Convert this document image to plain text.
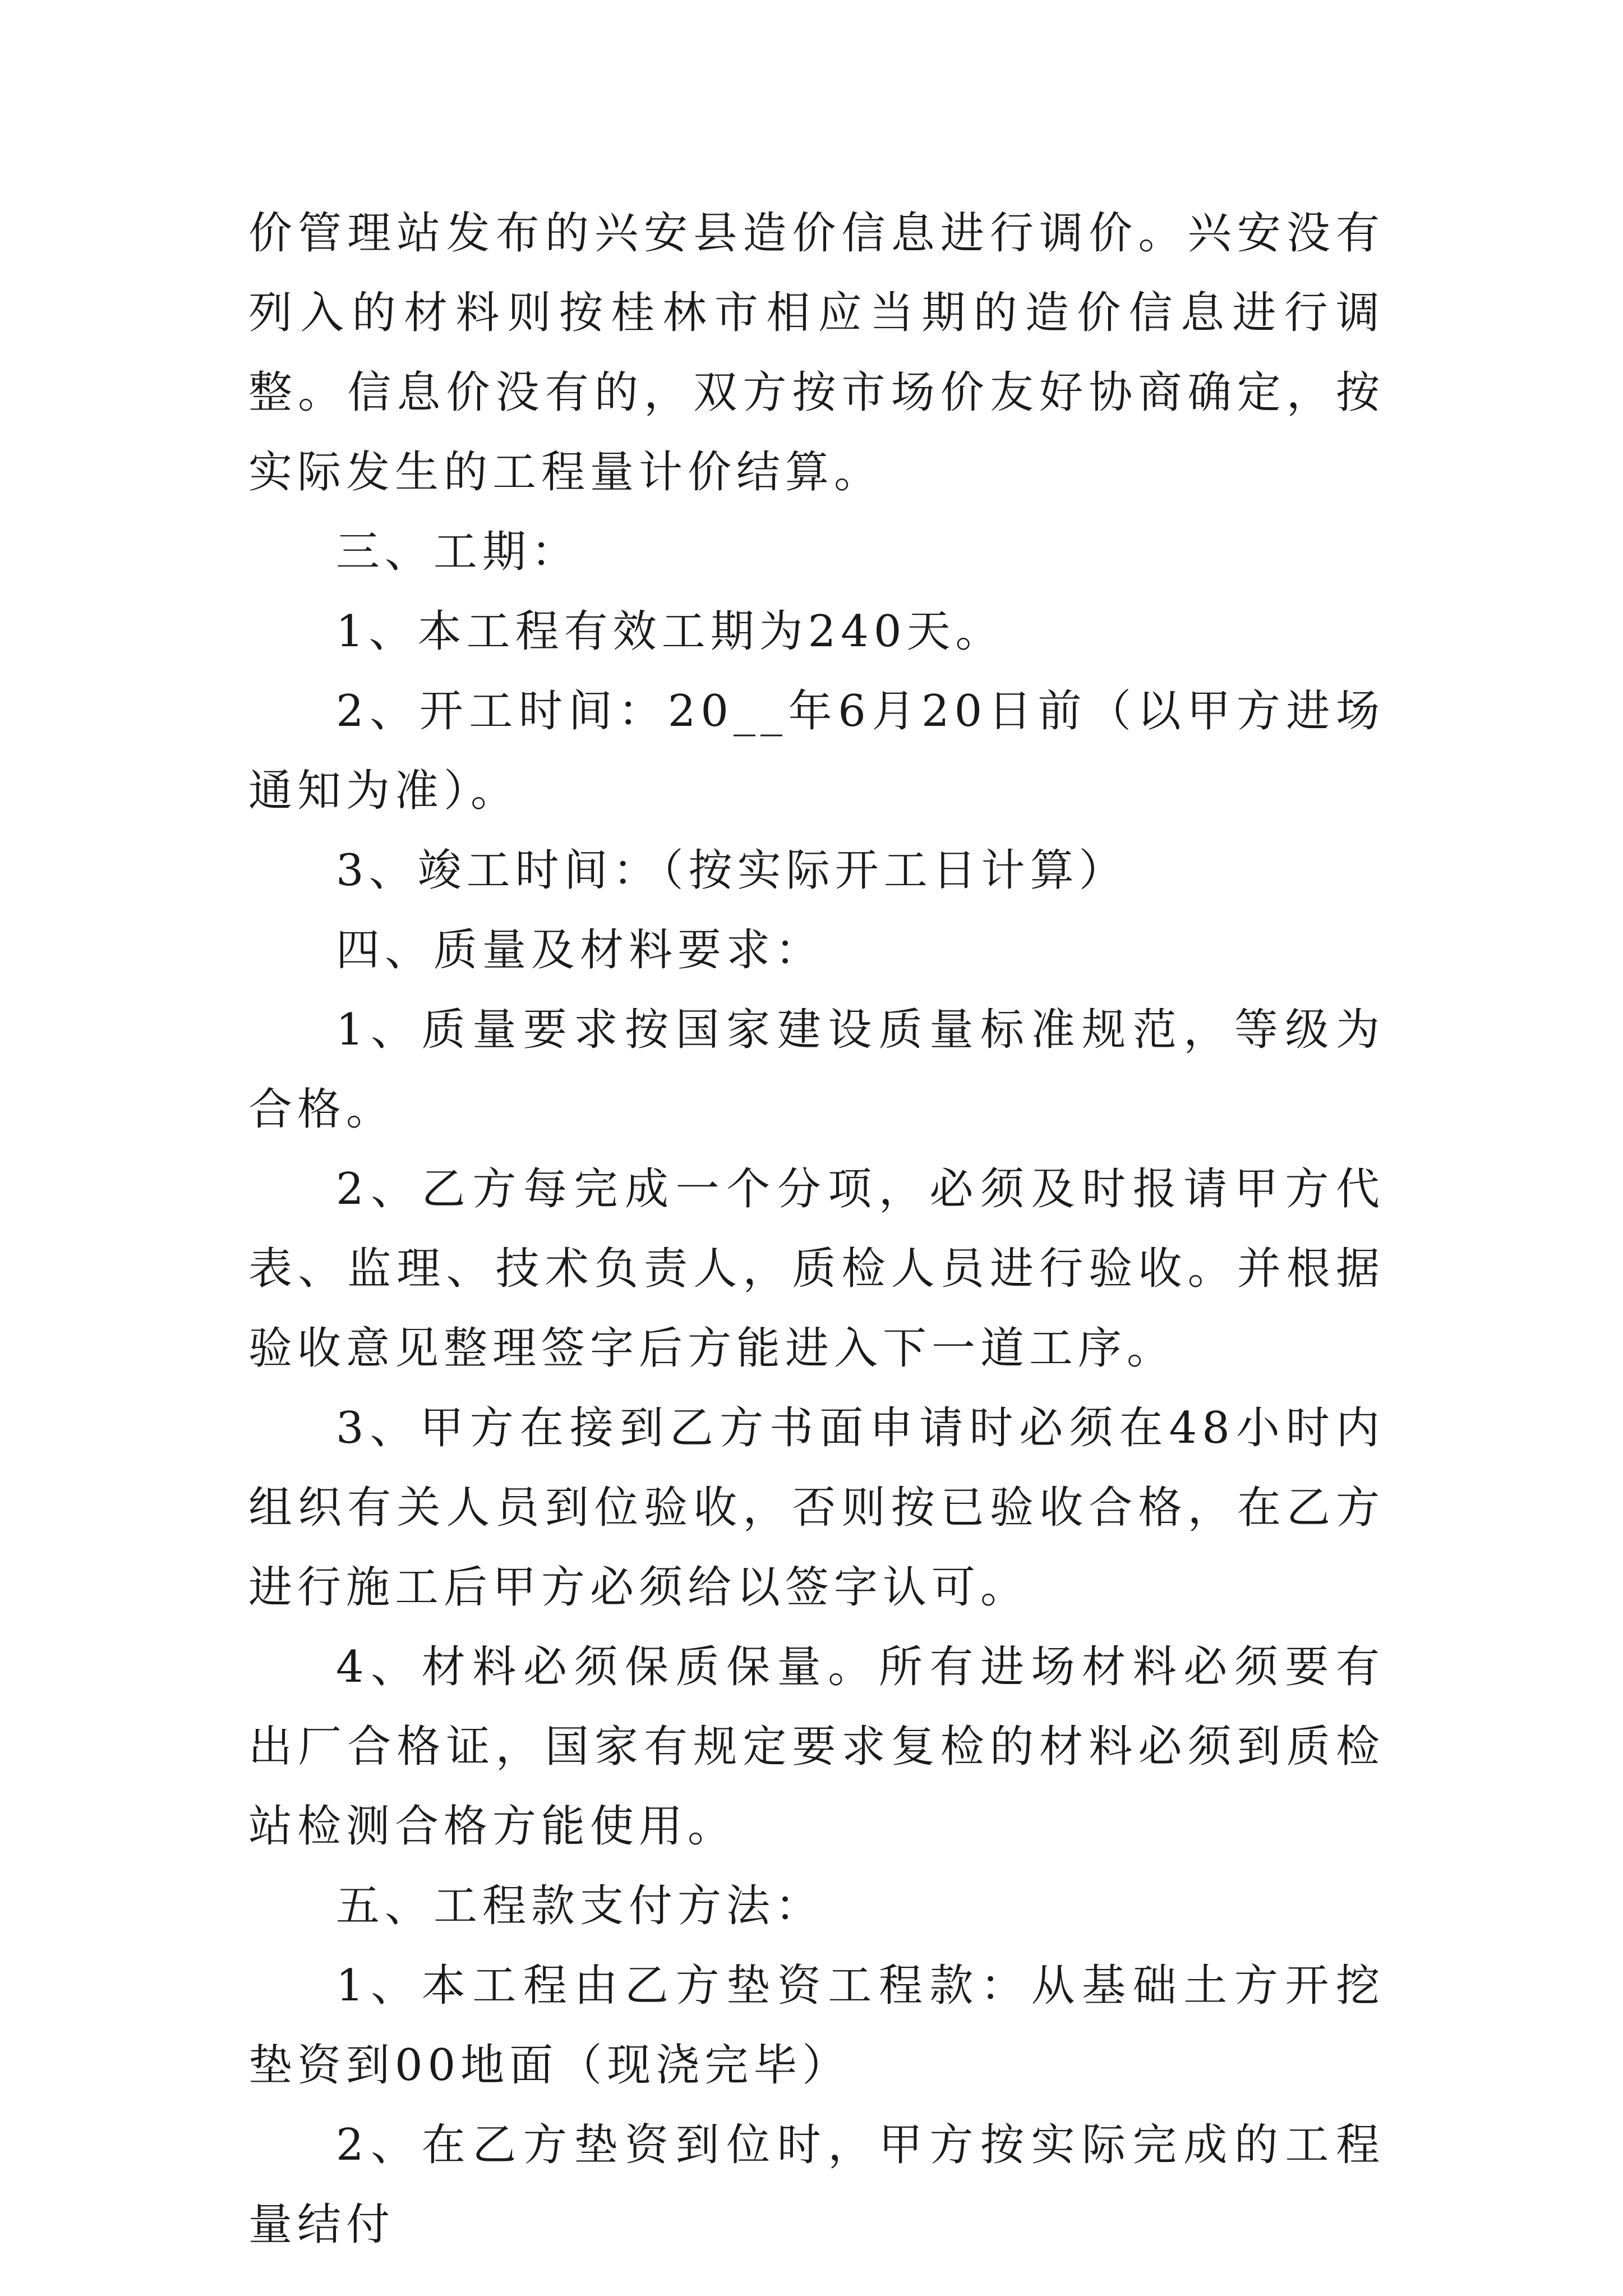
价管理站发布的兴安县造价信息进行调价。兴安没有列入的材料则按桂林市相应当期的造价信息进行调整。信息价没有的，双方按市场价友好协商确定，按实际发生的工程量计价结算。

三、工期：

1、本工程有效工期为240天。

2、开工时间：20__年6月20日前（以甲方进场通知为准）。

3、竣工时间：（按实际开工日计算）

四、质量及材料要求：

1、质量要求按国家建设质量标准规范，等级为合格。

2、乙方每完成一个分项，必须及时报请甲方代表、监理、技术负责人，质检人员进行验收。并根据验收意见整理签字后方能进入下一道工序。

3、甲方在接到乙方书面申请时必须在48小时内组织有关人员到位验收，否则按已验收合格，在乙方进行施工后甲方必须给以签字认可。

4、材料必须保质保量。所有进场材料必须要有出厂合格证，国家有规定要求复检的材料必须到质检站检测合格方能使用。

五、工程款支付方法：

1、本工程由乙方垫资工程款：从基础土方开挖垫资到00地面（现浇完毕）

2、在乙方垫资到位时，甲方按实际完成的工程量结付
